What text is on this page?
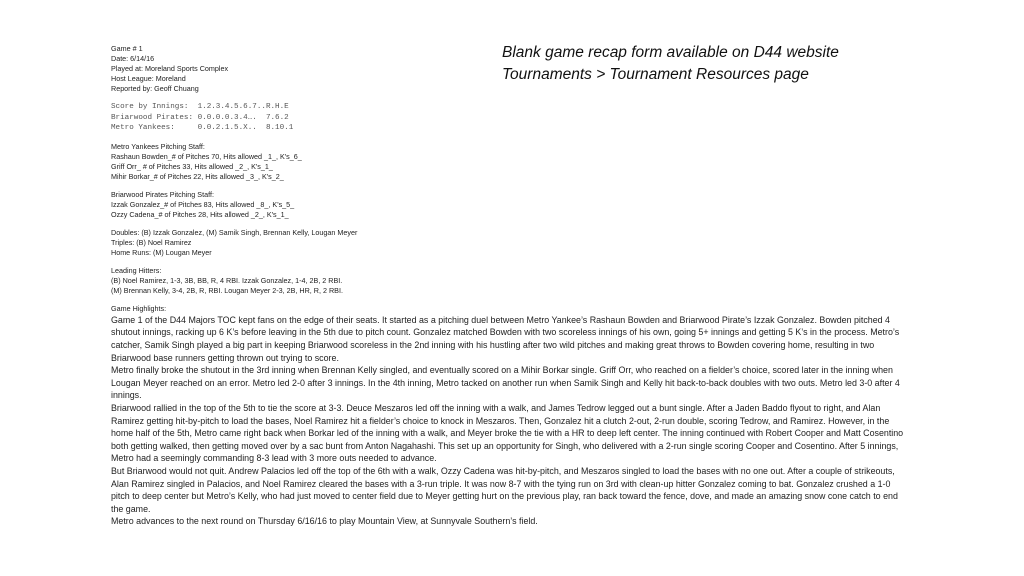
Blank game recap form available on D44 website
Tournaments > Tournament Resources page
Game # 1
Date: 6/14/16
Played at: Moreland Sports Complex
Host League: Moreland
Reported by: Geoff Chuang
Score by Innings:  1.2.3.4.5.6.7..R.H.E
Briarwood Pirates: 0.0.0.0.3.4….  7.6.2
Metro Yankees:     0.0.2.1.5.X..  8.10.1
Metro Yankees Pitching Staff:
Rashaun Bowden_# of Pitches 70, Hits allowed _1_, K's_6_
Griff Orr_ # of Pitches 33, Hits allowed _2_, K's_1_
Mihir Borkar_# of Pitches 22, Hits allowed _3_, K's_2_
Briarwood Pirates Pitching Staff:
Izzak Gonzalez_# of Pitches 83, Hits allowed _8_, K's_5_
Ozzy Cadena_# of Pitches 28, Hits allowed _2_, K's_1_
Doubles: (B) Izzak Gonzalez, (M) Samik Singh, Brennan Kelly, Lougan Meyer
Triples: (B) Noel Ramirez
Home Runs: (M) Lougan Meyer
Leading Hitters:
(B) Noel Ramirez, 1-3, 3B, BB, R, 4 RBI. Izzak Gonzalez, 1-4, 2B, 2 RBI.
(M) Brennan Kelly, 3-4, 2B, R, RBI. Lougan Meyer 2-3, 2B, HR, R, 2 RBI.
Game Highlights:

Game 1 of the D44 Majors TOC kept fans on the edge of their seats. It started as a pitching duel between Metro Yankee’s Rashaun Bowden and Briarwood Pirate’s Izzak Gonzalez. Bowden pitched 4 shutout innings, racking up 6 K’s before leaving in the 5th due to pitch count. Gonzalez matched Bowden with two scoreless innings of his own, going 5+ innings and getting 5 K’s in the process. Metro’s catcher, Samik Singh played a big part in keeping Briarwood scoreless in the 2nd inning with his hustling after two wild pitches and making great throws to Bowden covering home, resulting in two Briarwood base runners getting thrown out trying to score.

Metro finally broke the shutout in the 3rd inning when Brennan Kelly singled, and eventually scored on a Mihir Borkar single. Griff Orr, who reached on a fielder’s choice, scored later in the inning when Lougan Meyer reached on an error. Metro led 2-0 after 3 innings. In the 4th inning, Metro tacked on another run when Samik Singh and Kelly hit back-to-back doubles with two outs. Metro led 3-0 after 4 innings.

Briarwood rallied in the top of the 5th to tie the score at 3-3. Deuce Meszaros led off the inning with a walk, and James Tedrow legged out a bunt single. After a Jaden Baddo flyout to right, and Alan Ramirez getting hit-by-pitch to load the bases, Noel Ramirez hit a fielder’s choice to knock in Meszaros. Then, Gonzalez hit a clutch 2-out, 2-run double, scoring Tedrow, and Ramirez. However, in the home half of the 5th, Metro came right back when Borkar led of the inning with a walk, and Meyer broke the tie with a HR to deep left center. The inning continued with Robert Cooper and Matt Cosentino both getting walked, then getting moved over by a sac bunt from Anton Nagahashi. This set up an opportunity for Singh, who delivered with a 2-run single scoring Cooper and Cosentino. After 5 innings, Metro had a seemingly commanding 8-3 lead with 3 more outs needed to advance.

But Briarwood would not quit. Andrew Palacios led off the top of the 6th with a walk, Ozzy Cadena was hit-by-pitch, and Meszaros singled to load the bases with no one out. After a couple of strikeouts, Alan Ramirez singled in Palacios, and Noel Ramirez cleared the bases with a 3-run triple. It was now 8-7 with the tying run on 3rd with clean-up hitter Gonzalez coming to bat. Gonzalez crushed a 1-0 pitch to deep center but Metro’s Kelly, who had just moved to center field due to Meyer getting hurt on the previous play, ran back toward the fence, dove, and made an amazing snow cone catch to end the game.

Metro advances to the next round on Thursday 6/16/16 to play Mountain View, at Sunnyvale Southern’s field.
